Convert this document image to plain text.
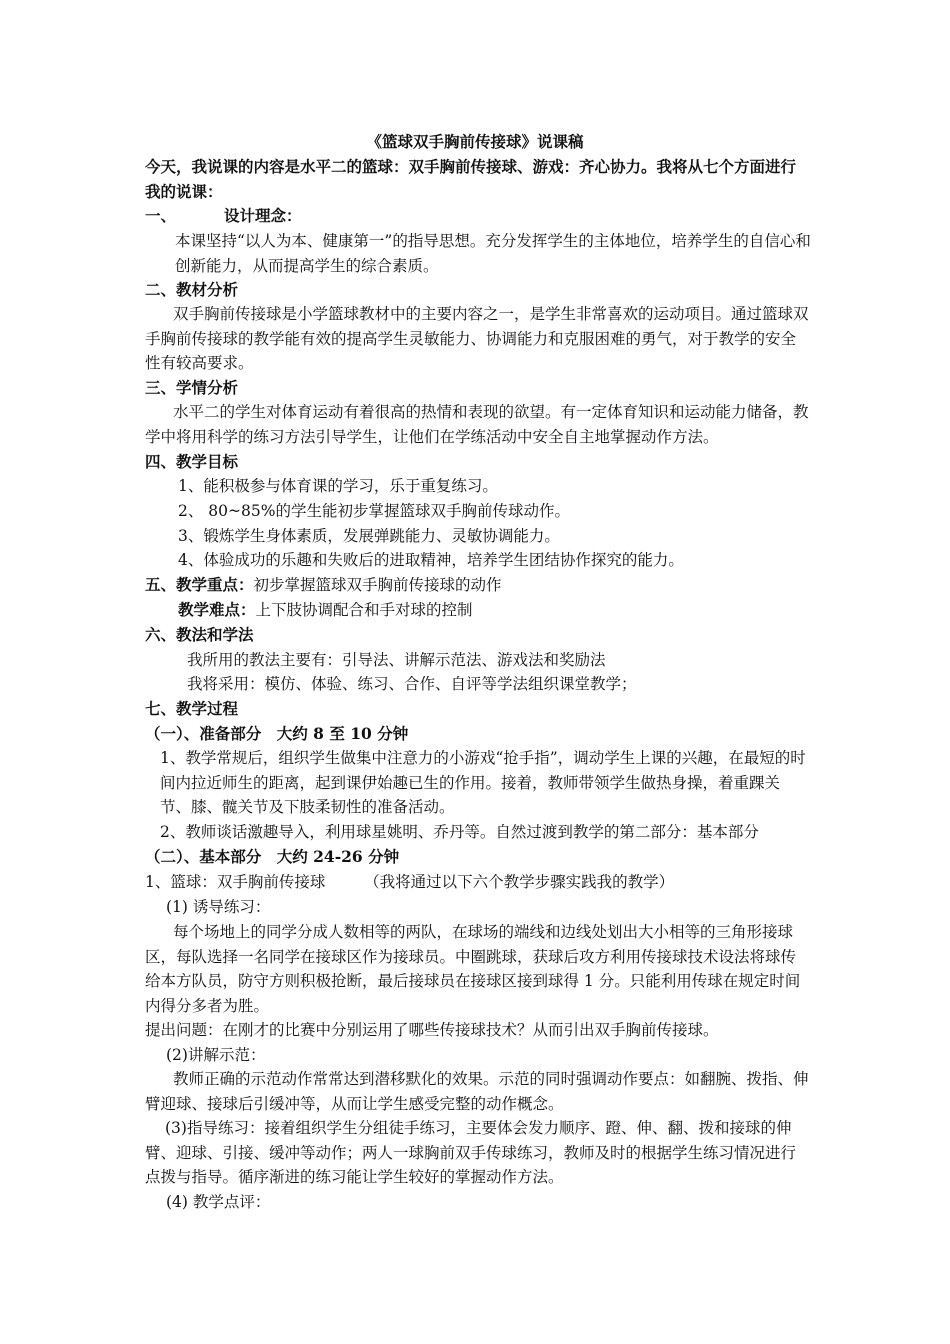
《篮球双手胸前传接球》说课稿

今天，我说课的内容是水平二的篮球：双手胸前传接球、游戏：齐心协力。我将从七个方面进行我的说课：

一、	设计理念：

本课坚持“以人为本、健康第一”的指导思想。充分发挥学生的主体地位，培养学生的自信心和创新能力，从而提高学生的综合素质。

二、教材分析

双手胸前传接球是小学篮球教材中的主要内容之一，是学生非常喜欢的运动项目。通过篮球双手胸前传接球的教学能有效的提高学生灵敏能力、协调能力和克服困难的勇气，对于教学的安全性有较高要求。

三、学情分析

水平二的学生对体育运动有着很高的热情和表现的欲望。有一定体育知识和运动能力储备，教学中将用科学的练习方法引导学生，让他们在学练活动中安全自主地掌握动作方法。

四、教学目标

1、能积极参与体育课的学习，乐于重复练习。

2、 80~85%的学生能初步掌握篮球双手胸前传球动作。

3、锻炼学生身体素质，发展弹跳能力、灵敏协调能力。

4、体验成功的乐趣和失败后的进取精神，培养学生团结协作探究的能力。

五、教学重点：初步掌握篮球双手胸前传接球的动作

教学难点：上下肢协调配合和手对球的控制

六、教法和学法

我所用的教法主要有：引导法、讲解示范法、游戏法和奖励法

我将采用：模仿、体验、练习、合作、自评等学法组织课堂教学；

七、教学过程

（一）、准备部分　大约 8 至 10 分钟

1、教学常规后，组织学生做集中注意力的小游戏“抢手指”，调动学生上课的兴趣，在最短的时间内拉近师生的距离，起到课伊始趣已生的作用。接着，教师带领学生做热身操，着重踝关节、膝、髋关节及下肢柔韧性的准备活动。

2、教师谈话激趣导入，利用球星姚明、乔丹等。自然过渡到教学的第二部分：基本部分

（二）、基本部分　大约 24-26 分钟

1、篮球：双手胸前传接球　　　（我将通过以下六个教学步骤实践我的教学）

(1) 诱导练习：

每个场地上的同学分成人数相等的两队，在球场的端线和边线处划出大小相等的三角形接球区，每队选择一名同学在接球区作为接球员。中圈跳球，获球后攻方利用传接球技术设法将球传给本方队员，防守方则积极抢断，最后接球员在接球区接到球得 1 分。只能利用传球在规定时间内得分多者为胜。

提出问题：在刚才的比赛中分别运用了哪些传接球技术？从而引出双手胸前传接球。

(2)讲解示范：

教师正确的示范动作常常达到潜移默化的效果。示范的同时强调动作要点：如翻腕、拨指、伸臂迎球、接球后引缓冲等，从而让学生感受完整的动作概念。

(3)指导练习：接着组织学生分组徒手练习，主要体会发力顺序、蹬、伸、翻、拨和接球的伸臂、迎球、引接、缓冲等动作；两人一球胸前双手传球练习，教师及时的根据学生练习情况进行点拨与指导。循序渐进的练习能让学生较好的掌握动作方法。

(4) 教学点评：
